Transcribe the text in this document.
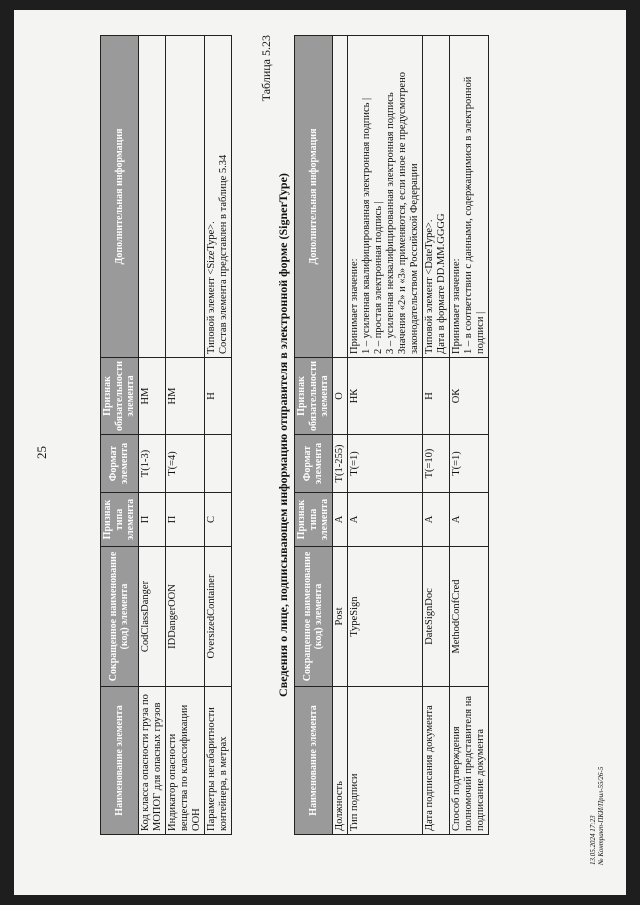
25
Наименование элемента	Сокращенное наименование (код) элемента	Признак типа элемента	Формат элемента	Признак обязательности элемента	Дополнительная информация
Код класса опасности груза по МОПОГ для опасных грузов	CodClassDanger	П	T(1-3)	НМ	

Индикатор опасности вещества по классификации ООН	IDDangerOON	П	T(=4)	НМ	

Параметры негабаритности контейнера, в метрах	OversizedContainer	С		Н	Типовой элемент <SizeType>. Состав элемента представлен в таблице 5.34
Таблица 5.23
Сведения о лице, подписывающем информацию отправителя в электронной форме (SignerType)
Наименование элемента	Сокращенное наименование (код) элемента	Признак типа элемента	Формат элемента	Признак обязательности элемента	Дополнительная информация
Должность	Post	А	T(1-255)	О	

Тип подписи	TypeSign	А	T(=1)	НК	Принимает значение: 1 – усиленная квалифицированная электронная подпись | 2 – простая электронная подпись | 3 – усиленная неквалифицированная электронная подпись Значения «2» и «3» применяются, если иное не предусмотрено законодательством Российской Федерации

Дата подписания документа	DateSignDoc	А	T(=10)	Н	Типовой элемент <DateType>. Дата в формате DD.MM.GGGG

Способ подтверждения полномочий представителя на подписание документа	MethodConfCred	А	T(=1)	ОК	Принимает значение: 1 – в соответствии с данными, содержащимися в электронной подписи |
13.05.2024 17:23 № Контракт-ПКИ/Прил-55/26-5
